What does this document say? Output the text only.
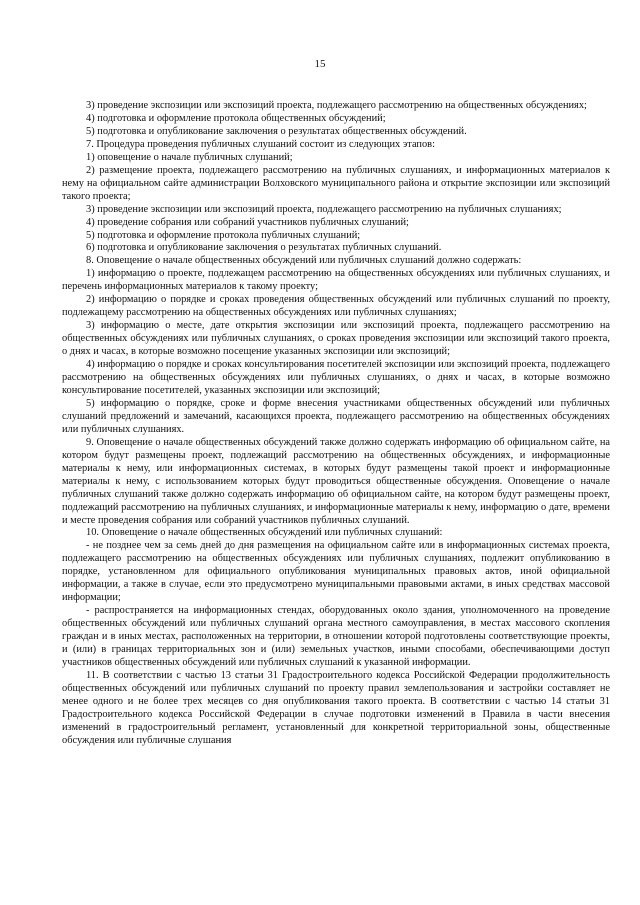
15

3) проведение экспозиции или экспозиций проекта, подлежащего рассмотрению на общественных обсуждениях;

4) подготовка и оформление протокола общественных обсуждений;

5) подготовка и опубликование заключения о результатах общественных обсуждений.

7. Процедура проведения публичных слушаний состоит из следующих этапов:

1) оповещение о начале публичных слушаний;

2) размещение проекта, подлежащего рассмотрению на публичных слушаниях, и информационных материалов к нему на официальном сайте администрации Волховского муниципального района и открытие экспозиции или экспозиций такого проекта;

3) проведение экспозиции или экспозиций проекта, подлежащего рассмотрению на публичных слушаниях;

4) проведение собрания или собраний участников публичных слушаний;

5) подготовка и оформление протокола публичных слушаний;

6) подготовка и опубликование заключения о результатах публичных слушаний.

8. Оповещение о начале общественных обсуждений или публичных слушаний должно содержать:

1) информацию о проекте, подлежащем рассмотрению на общественных обсуждениях или публичных слушаниях, и перечень информационных материалов к такому проекту;

2) информацию о порядке и сроках проведения общественных обсуждений или публичных слушаний по проекту, подлежащему рассмотрению на общественных обсуждениях или публичных слушаниях;

3) информацию о месте, дате открытия экспозиции или экспозиций проекта, подлежащего рассмотрению на общественных обсуждениях или публичных слушаниях, о сроках проведения экспозиции или экспозиций такого проекта, о днях и часах, в которые возможно посещение указанных экспозиции или экспозиций;

4) информацию о порядке и сроках консультирования посетителей экспозиции или экспозиций проекта, подлежащего рассмотрению на общественных обсуждениях или публичных слушаниях, о днях и часах, в которые возможно консультирование посетителей, указанных экспозиции или экспозиций;

5) информацию о порядке, сроке и форме внесения участниками общественных обсуждений или публичных слушаний предложений и замечаний, касающихся проекта, подлежащего рассмотрению на общественных обсуждениях или публичных слушаниях.

9. Оповещение о начале общественных обсуждений также должно содержать информацию об официальном сайте, на котором будут размещены проект, подлежащий рассмотрению на общественных обсуждениях, и информационные материалы к нему, или информационных системах, в которых будут размещены такой проект и информационные материалы к нему, с использованием которых будут проводиться общественные обсуждения. Оповещение о начале публичных слушаний также должно содержать информацию об официальном сайте, на котором будут размещены проект, подлежащий рассмотрению на публичных слушаниях, и информационные материалы к нему, информацию о дате, времени и месте проведения собрания или собраний участников публичных слушаний.

10. Оповещение о начале общественных обсуждений или публичных слушаний:

- не позднее чем за семь дней до дня размещения на официальном сайте или в информационных системах проекта, подлежащего рассмотрению на общественных обсуждениях или публичных слушаниях, подлежит опубликованию в порядке, установленном для официального опубликования муниципальных правовых актов, иной официальной информации, а также в случае, если это предусмотрено муниципальными правовыми актами, в иных средствах массовой информации;

- распространяется на информационных стендах, оборудованных около здания, уполномоченного на проведение общественных обсуждений или публичных слушаний органа местного самоуправления, в местах массового скопления граждан и в иных местах, расположенных на территории, в отношении которой подготовлены соответствующие проекты, и (или) в границах территориальных зон и (или) земельных участков, иными способами, обеспечивающими доступ участников общественных обсуждений или публичных слушаний к указанной информации.

11. В соответствии с частью 13 статьи 31 Градостроительного кодекса Российской Федерации продолжительность общественных обсуждений или публичных слушаний по проекту правил землепользования и застройки составляет не менее одного и не более трех месяцев со дня опубликования такого проекта. В соответствии с частью 14 статьи 31 Градостроительного кодекса Российской Федерации в случае подготовки изменений в Правила в части внесения изменений в градостроительный регламент, установленный для конкретной территориальной зоны, общественные обсуждения или публичные слушания
